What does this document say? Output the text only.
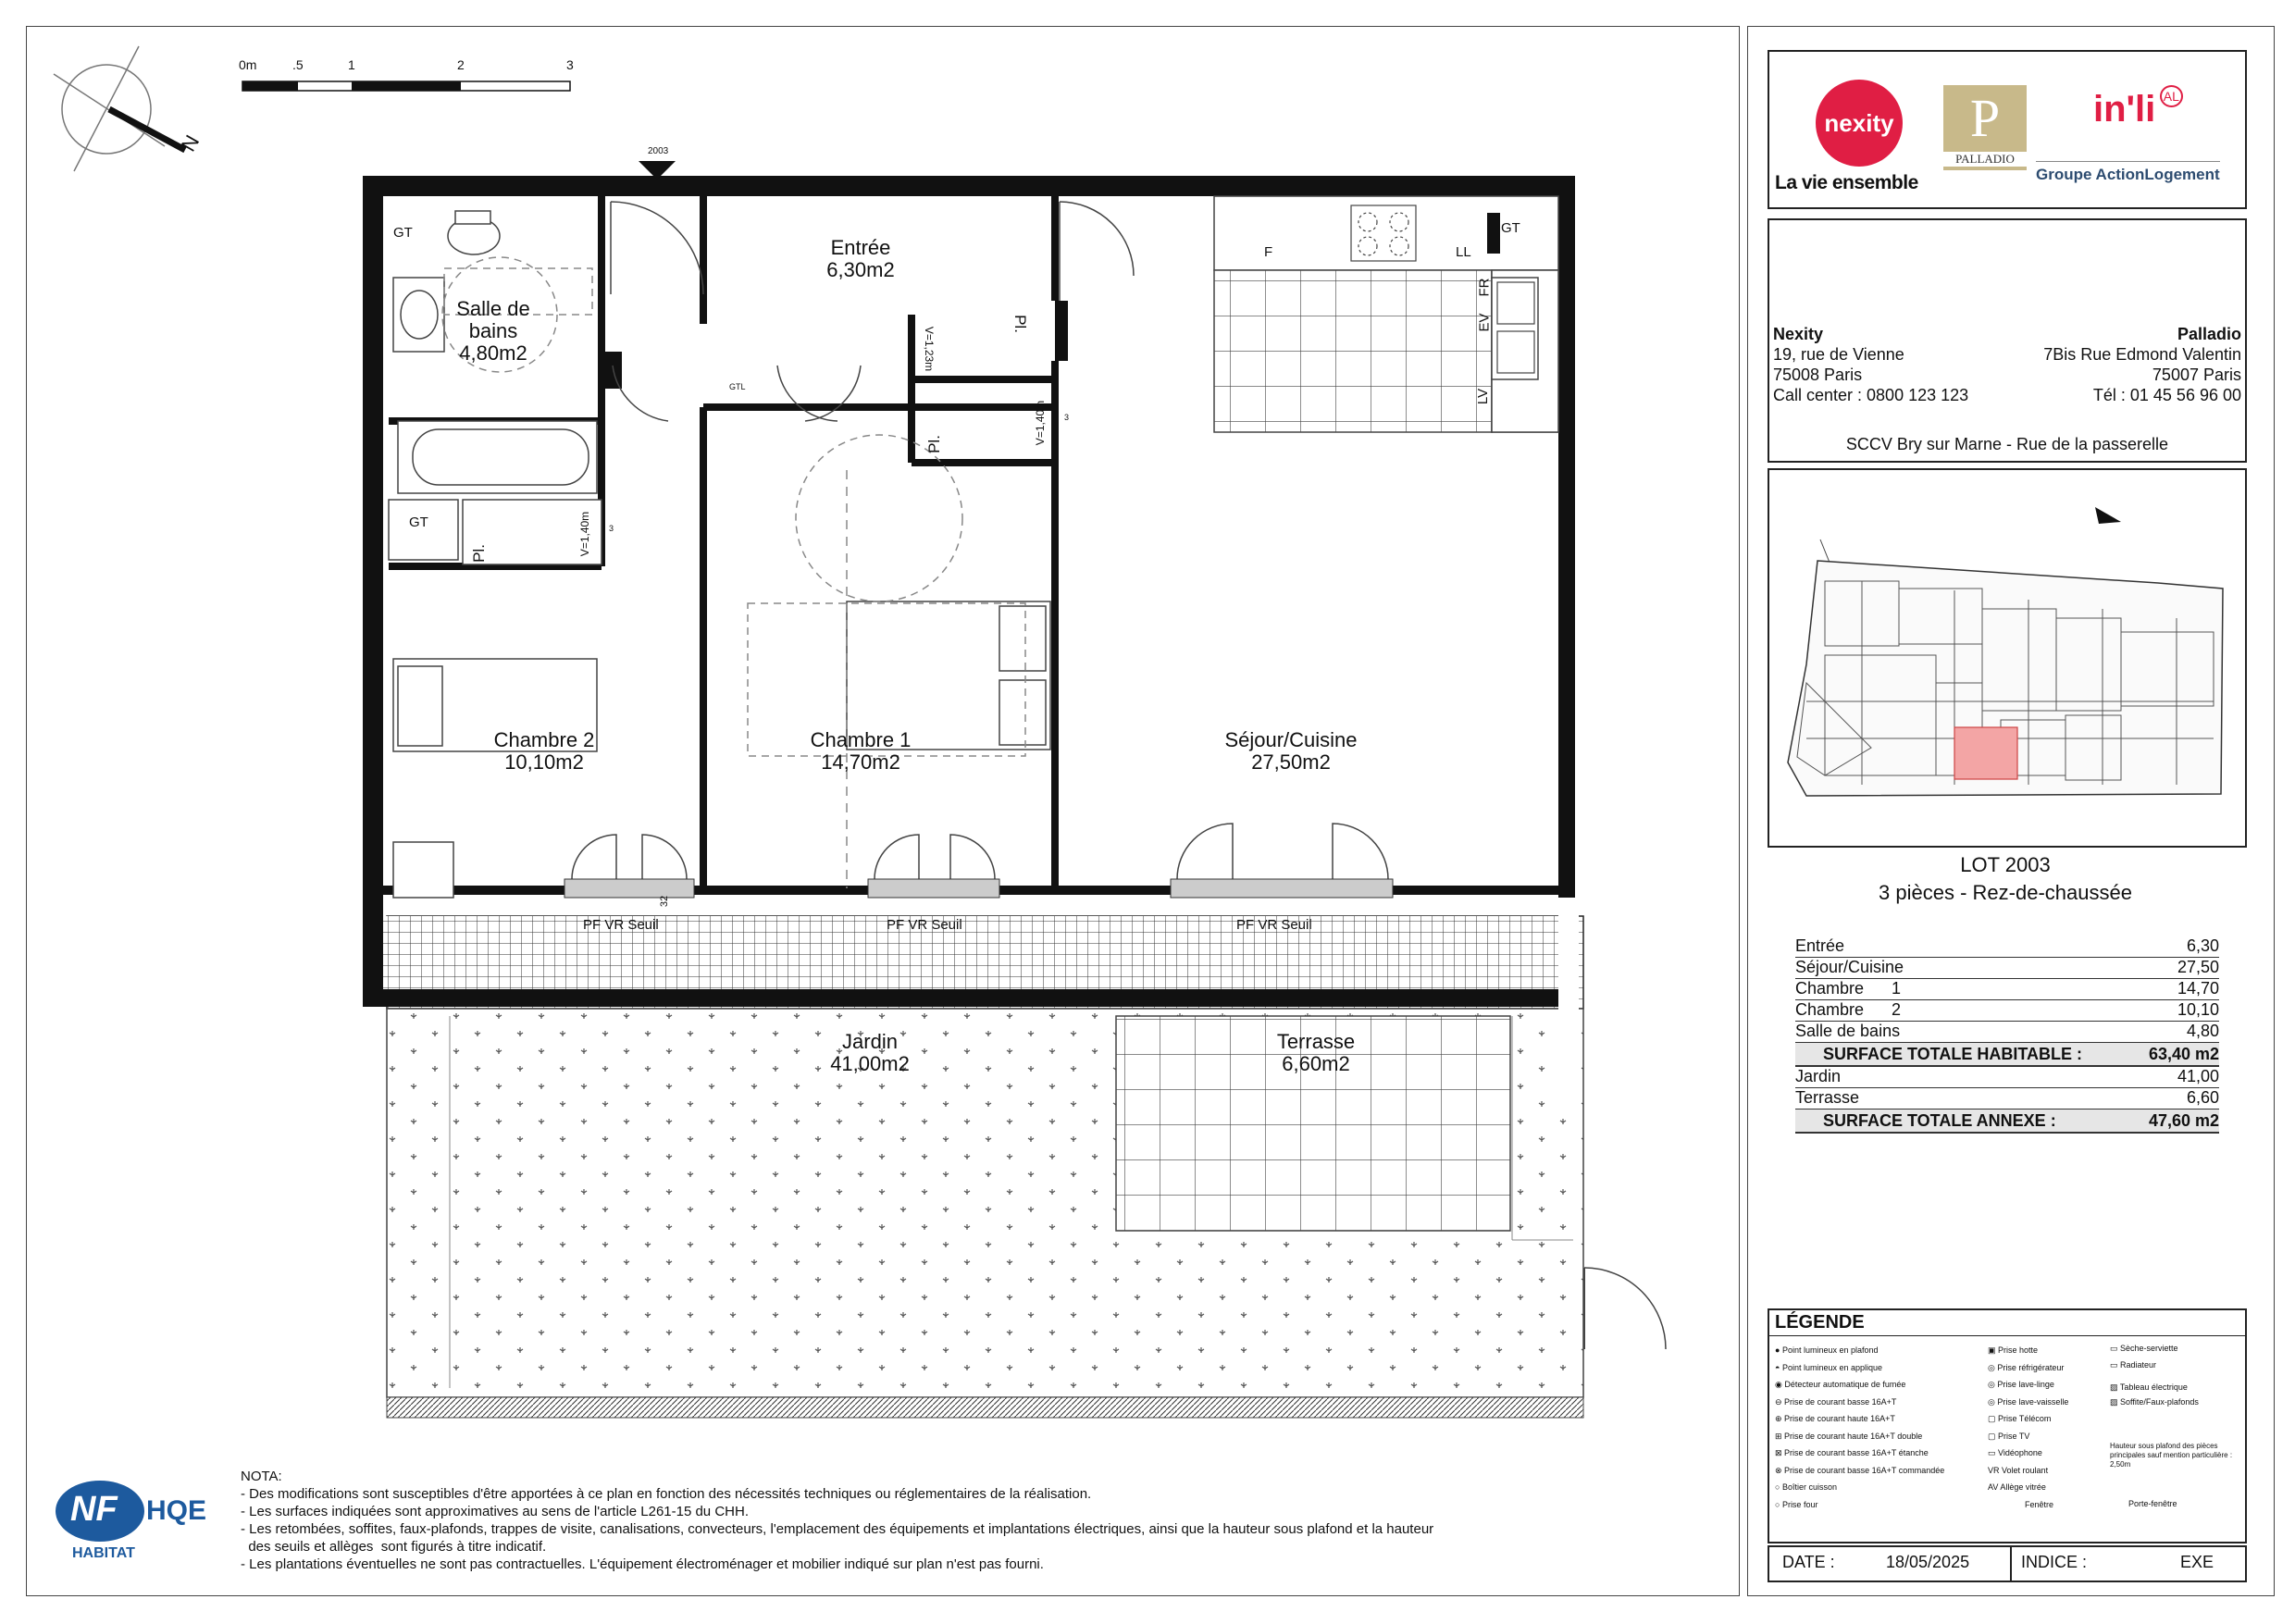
0m	.5	1	2	3
N	2003
Entrée
6,30m2
Salle de bains
4,80m2
Chambre 2
10,10m2
Chambre 1
14,70m2
Séjour/Cuisine
27,50m2
Jardin
41,00m2
Terrasse
6,60m2
GT
GT
GT
Pl.
Pl.
Pl.
V=1,23m
V=1,40m
V=1,40m
F	LL
LV
EV
FR
GTL
3
3
32
PF VR Seuil	PF VR Seuil	PF VR Seuil
nexity
La vie ensemble
P
PALLADIO
in'li AL
Groupe ActionLogement
Nexity
19, rue de Vienne
75008 Paris
Call center : 0800 123 123
Palladio
7Bis Rue Edmond Valentin
75007 Paris
Tél : 01 45 56 96 00
SCCV Bry sur Marne - Rue de la passerelle
LOT 2003
3 pièces - Rez-de-chaussée
Entrée	6,30
Séjour/Cuisine	27,50
Chambre      1	14,70
Chambre      2	10,10
Salle de bains	4,80
SURFACE TOTALE HABITABLE :	63,40 m2
Jardin	41,00
Terrasse	6,60
SURFACE TOTALE ANNEXE :	47,60 m2
LÉGENDE
● Point lumineux en plafond
◓ Point lumineux en applique
◉ Détecteur automatique de fumée
⊖ Prise de courant basse 16A+T
⊕ Prise de courant haute 16A+T
⊞ Prise de courant haute 16A+T double
⊠ Prise de courant basse 16A+T étanche
⊗ Prise de courant basse 16A+T commandée
○ Boîtier cuisson
○ Prise four
▣ Prise hotte
◎ Prise réfrigérateur
◎ Prise lave-linge
◎ Prise lave-vaisselle
▢ Prise Télécom
▢ Prise TV
▭ Vidéophone
VR Volet roulant
AV Allège vitrée
Fenêtre
▭ Sèche-serviette
▭ Radiateur
▨ Tableau électrique
▨ Soffite/Faux-plafonds
Hauteur sous plafond des pièces principales sauf mention particulière : 2,50m
Porte-fenêtre
DATE :	18/05/2025	INDICE :	EXE
NF HQE
HABITAT
NOTA:
- Des modifications sont susceptibles d'être apportées à ce plan en fonction des nécessités techniques ou réglementaires de la réalisation.
- Les surfaces indiquées sont approximatives au sens de l'article L261-15 du CHH.
- Les retombées, soffites, faux-plafonds, trappes de visite, canalisations, convecteurs, l'emplacement des équipements et implantations électriques, ainsi que la hauteur sous plafond et la hauteur
des seuils et allèges  sont figurés à titre indicatif.
- Les plantations éventuelles ne sont pas contractuelles. L'équipement électroménager et mobilier indiqué sur plan n'est pas fourni.
